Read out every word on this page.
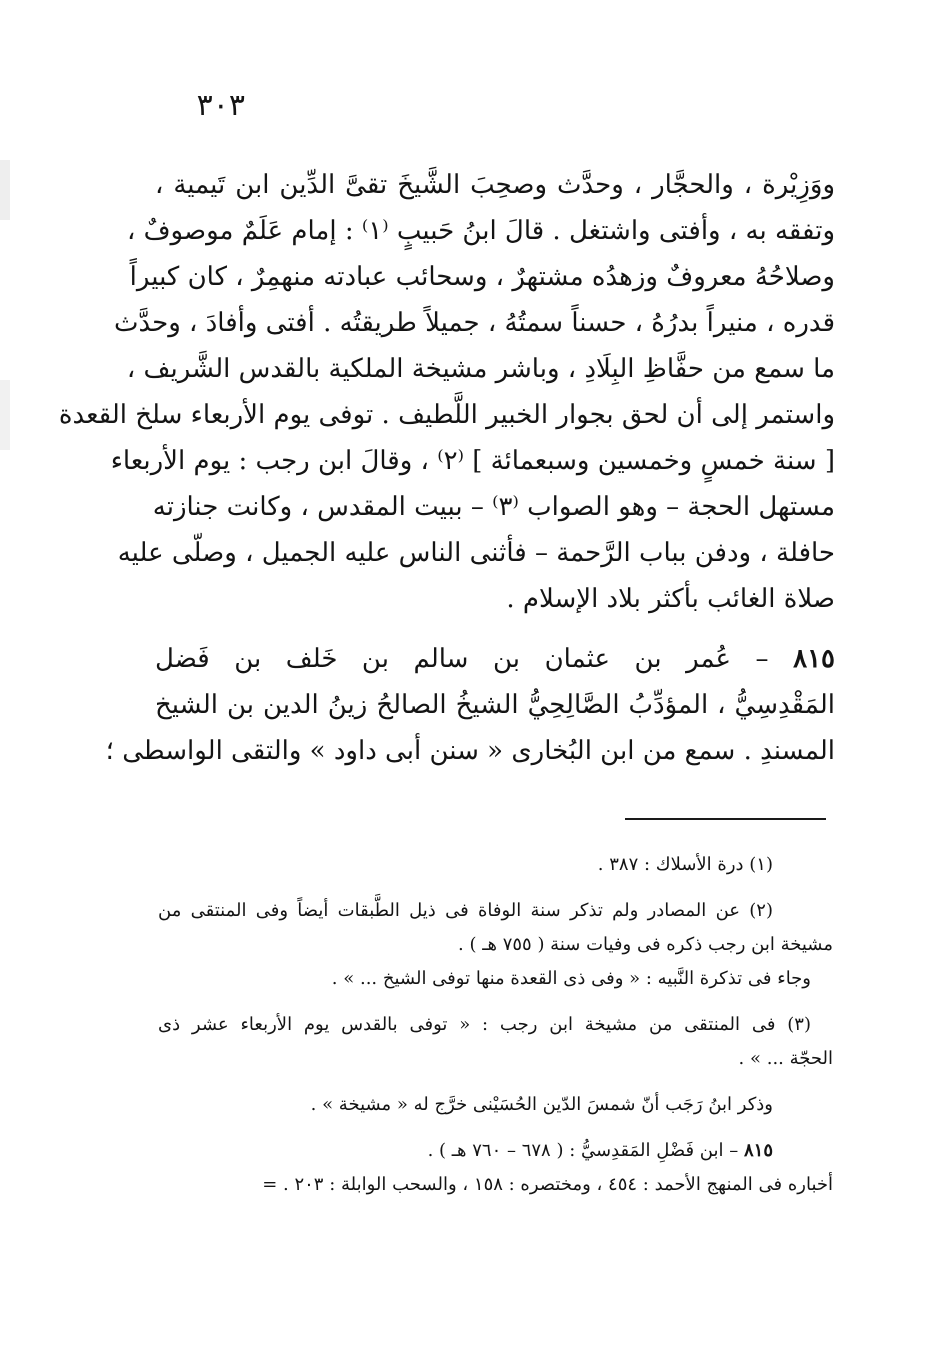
٣٠٣
ووَزِيْرة ، والحجَّار ، وحدَّث وصحِبَ الشَّيخَ تقىَّ الدِّين ابن تَيمية ،
وتفقه به ، وأفتى واشتغل . قالَ ابنُ حَبيبٍ ⁽١⁾ : إمام عَلَمٌ موصوفٌ ،
وصلاحُهُ معروفٌ وزهدُه مشتهرٌ ، وسحائب عبادته منهمِرٌ ، كان كبيراً
قدره ، منيراً بدرُهُ ، حسناً سمتُهُ ، جميلاً طريقتُه . أفتى وأفادَ ، وحدَّث
ما سمع من حفَّاظِ البِلَادِ ، وباشر مشيخة الملكية بالقدس الشَّريف ،
واستمر إلى أن لحق بجوار الخبير اللَّطيف . توفى يوم الأربعاء سلخ القعدة
[ سنة خمسٍ وخمسين وسبعمائة ] ⁽٢⁾ ، وقالَ ابن رجب : يوم الأربعاء
مستهل الحجة – وهو الصواب ⁽٣⁾ – ببيت المقدس ، وكانت جنازته
حافلة ، ودفن بباب الرَّحمة – فأثنى الناس عليه الجميل ، وصلّى عليه
صلاة الغائب بأكثر بلاد الإسلام .
٨١٥ – عُمر بن عثمان بن سالم بن خَلف بن فَضل
المَقْدِسِيُّ ، المؤدِّبُ الصَّالِحِيُّ الشيخُ الصالحُ زينُ الدين بن الشيخ
المسندِ . سمع من ابن البُخارى « سنن أبى داود » والتقى الواسطى ؛
(١) درة الأسلاك : ٣٨٧ .
(٢) عن المصادر ولم تذكر سنة الوفاة فى ذيل الطَّبقات أيضاً وفى المنتقى من
مشيخة ابن رجب ذكره فى وفيات سنة ( ٧٥٥ هـ ) .
وجاء فى تذكرة النَّبيه : « وفى ذى القعدة منها توفى الشيخ ... » .
(٣) فى المنتقى من مشيخة ابن رجب : « توفى بالقدس يوم الأربعاء عشر ذى
الحجّة ... » .
وذكر ابنُ رَجَب أنّ شمسَ الدّين الحُسَيْنى خرَّج له « مشيخة » .
٨١٥ – ابن فَضْلِ المَقدِسيُّ : ( ٦٧٨ – ٧٦٠ هـ ) .
أخباره فى المنهج الأحمد : ٤٥٤ ، ومختصره : ١٥٨ ، والسحب الوابلة : ٢٠٣ . =
